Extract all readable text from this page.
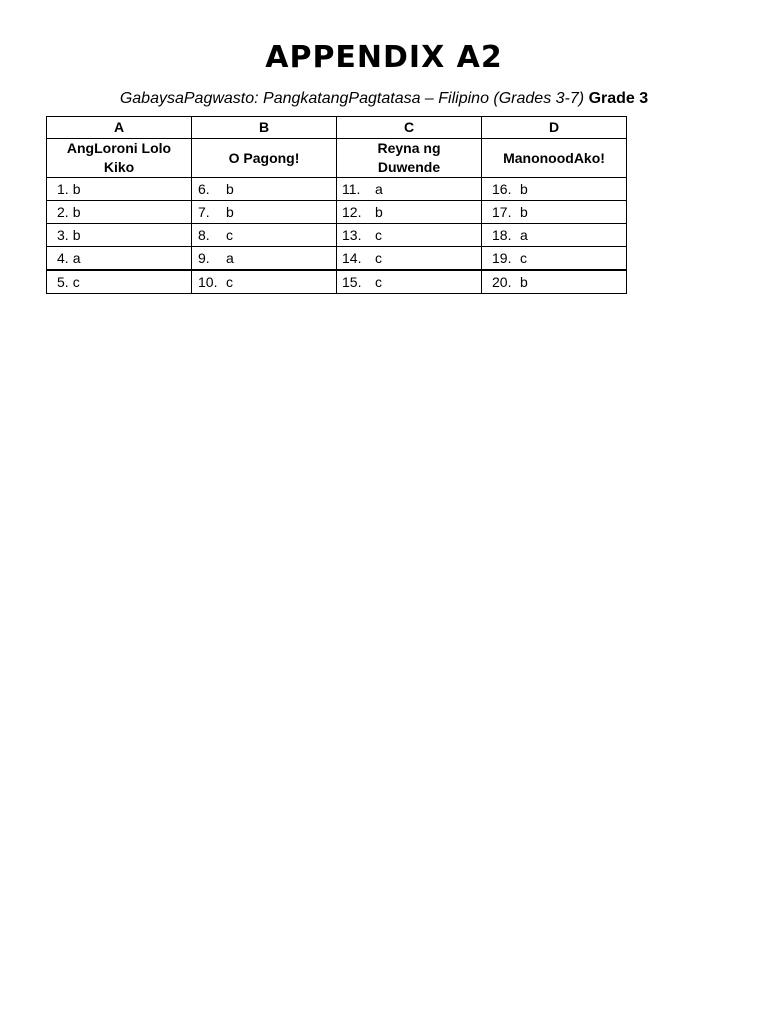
APPENDIX A2

GabaysaPagwasto: PangkatangPagtatasa – Filipino (Grades 3-7) Grade 3

A	B	C	D
AngLoroni Lolo Kiko	O Pagong!	Reyna ng Duwende	ManonoodAko!
1. b	6. b	11. a	16. b
2. b	7. b	12. b	17. b
3. b	8. c	13. c	18. a
4. a	9. a	14. c	19. c
5. c	10. c	15. c	20. b
